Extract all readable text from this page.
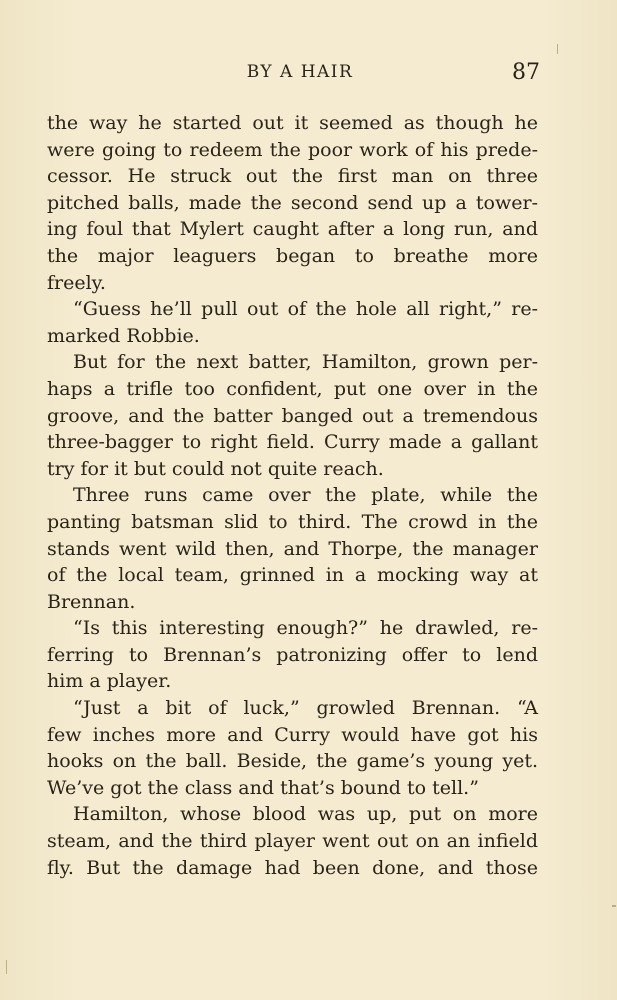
BY A HAIR	87
the way he started out it seemed as though he
were going to redeem the poor work of his prede-
cessor. He struck out the first man on three
pitched balls, made the second send up a tower-
ing foul that Mylert caught after a long run, and
the major leaguers began to breathe more
freely.
“Guess he’ll pull out of the hole all right,” re-
marked Robbie.
But for the next batter, Hamilton, grown per-
haps a trifle too confident, put one over in the
groove, and the batter banged out a tremendous
three-bagger to right field. Curry made a gallant
try for it but could not quite reach.
Three runs came over the plate, while the
panting batsman slid to third. The crowd in the
stands went wild then, and Thorpe, the manager
of the local team, grinned in a mocking way at
Brennan.
“Is this interesting enough?” he drawled, re-
ferring to Brennan’s patronizing offer to lend
him a player.
“Just a bit of luck,” growled Brennan. “A
few inches more and Curry would have got his
hooks on the ball. Beside, the game’s young yet.
We’ve got the class and that’s bound to tell.”
Hamilton, whose blood was up, put on more
steam, and the third player went out on an infield
fly. But the damage had been done, and those
